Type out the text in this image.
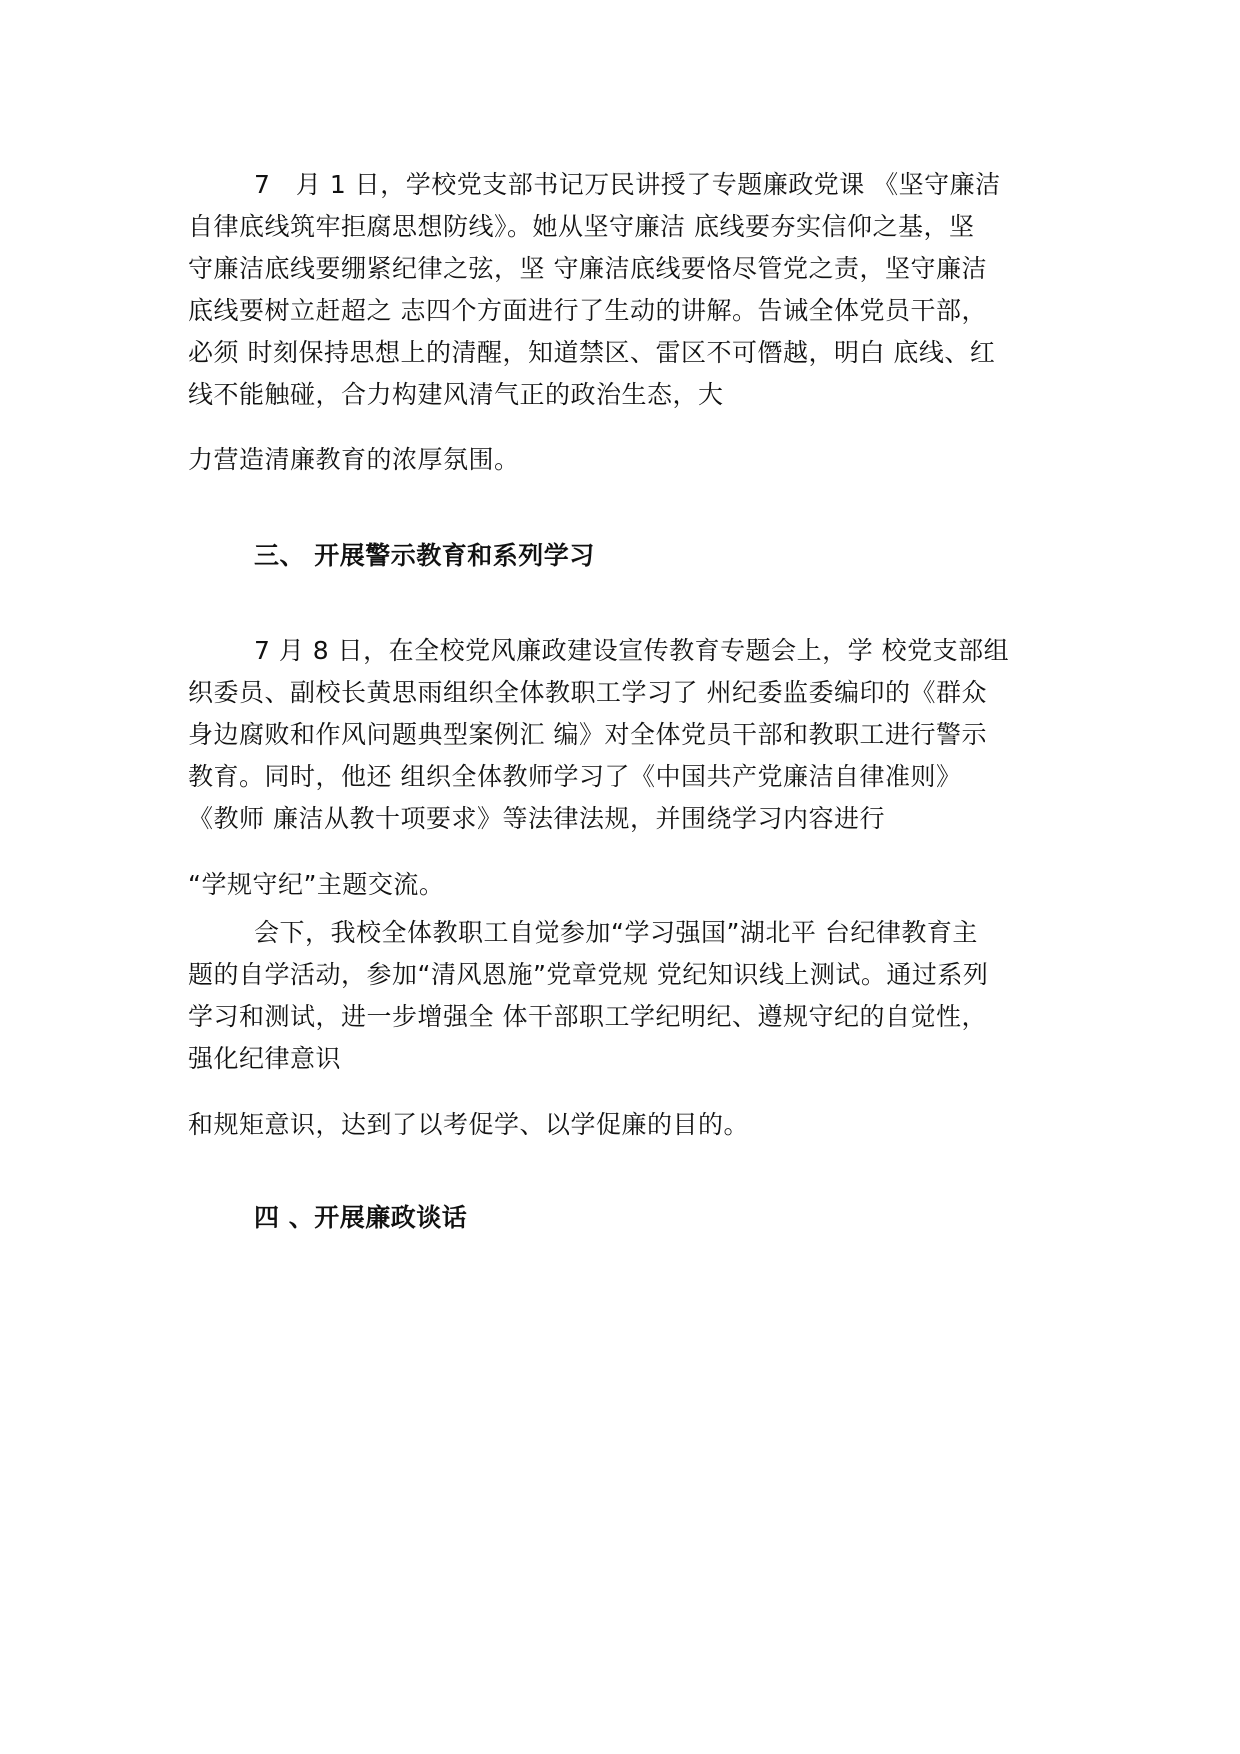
7　月 1 日，学校党支部书记万民讲授了专题廉政党课 《坚守廉洁
自律底线筑牢拒腐思想防线》。她从坚守廉洁 底线要夯实信仰之基，坚
守廉洁底线要绷紧纪律之弦，坚 守廉洁底线要恪尽管党之责，坚守廉洁
底线要树立赶超之 志四个方面进行了生动的讲解。告诫全体党员干部，
必须 时刻保持思想上的清醒，知道禁区、雷区不可僭越，明白 底线、红
线不能触碰，合力构建风清气正的政治生态，大
力营造清廉教育的浓厚氛围。
三、 开展警示教育和系列学习
7 月 8 日，在全校党风廉政建设宣传教育专题会上，学 校党支部组
织委员、副校长黄思雨组织全体教职工学习了 州纪委监委编印的《群众
身边腐败和作风问题典型案例汇 编》对全体党员干部和教职工进行警示
教育。同时，他还 组织全体教师学习了《中国共产党廉洁自律准则》
《教师 廉洁从教十项要求》等法律法规，并围绕学习内容进行
“学规守纪”主题交流。
会下，我校全体教职工自觉参加“学习强国”湖北平 台纪律教育主
题的自学活动，参加“清风恩施”党章党规 党纪知识线上测试。通过系列
学习和测试，进一步增强全 体干部职工学纪明纪、遵规守纪的自觉性，
强化纪律意识
和规矩意识，达到了以考促学、以学促廉的目的。
四 、开展廉政谈话
